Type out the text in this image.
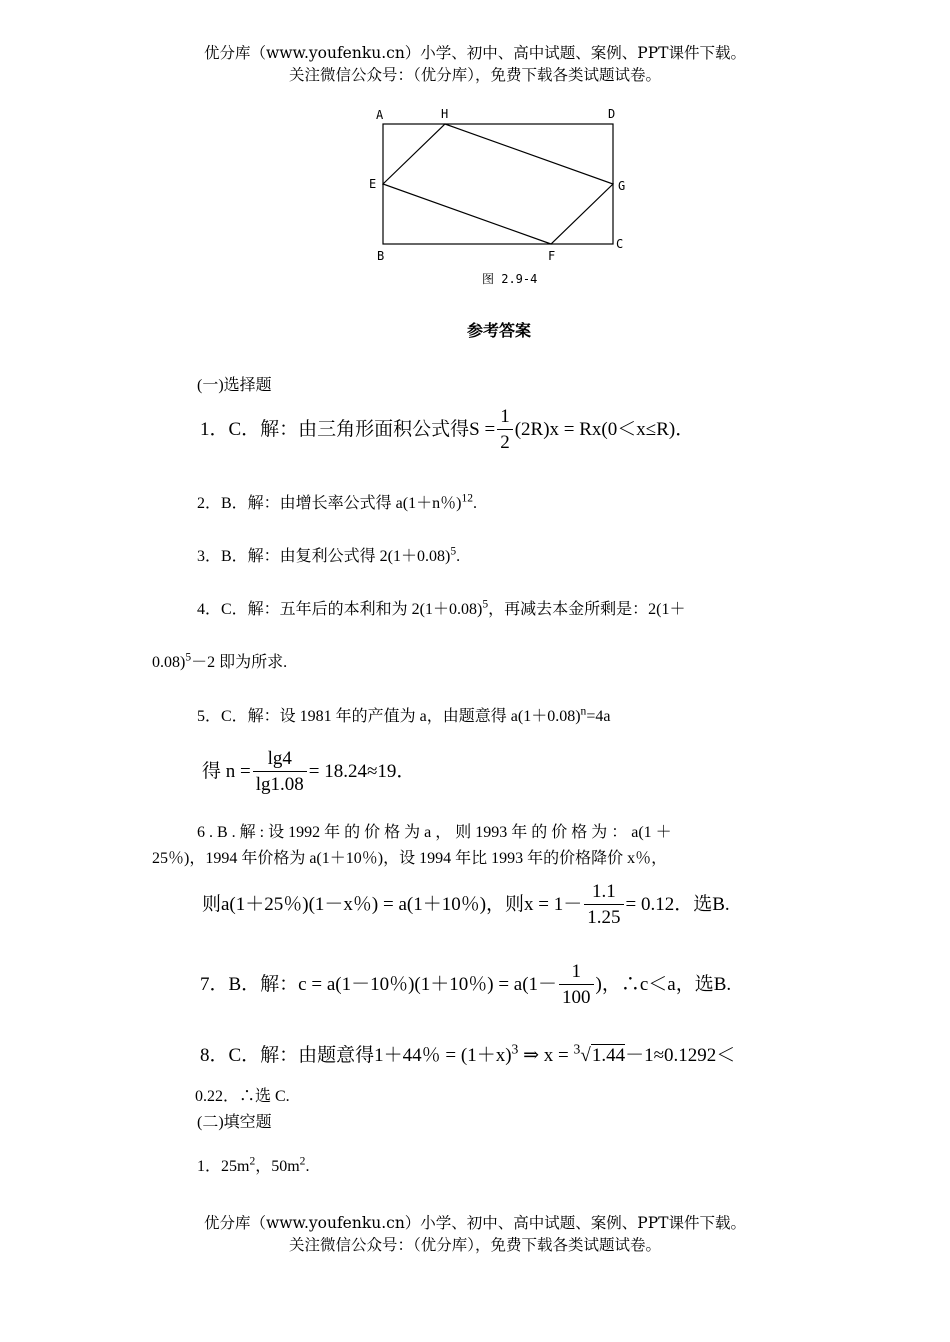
优分库（www.youfenku.cn）小学、初中、高中试题、案例、PPT课件下载。
关注微信公众号：（优分库），免费下载各类试题试卷。
A	H	D
E	G
B	F
C
图 2.9-4
参考答案
(一)选择题
1．C．解：由三角形面积公式得$S = \frac{1}{2} (2R)x = Rx(0<x\le R)$．
2．B．解：由增长率公式得 a(1＋n％)$^{12}$.
3．B．解：由复利公式得 $2(1+0.08)^5$.
4．C．解：五年后的本利和为 $2(1+0.08)^5$，再减去本金所剩是：2(1＋
0.08)$^5$－2 即为所求.
5．C．解：设 1981 年的产值为 a，由题意得 $a(1+0.08)^n=4a$
得 $n = \frac{\lg 4}{\lg 1.08} = 18.24\approx 19$．
6 . B . 解 : 设 1992 年 的 价 格 为 a ， 则 1993 年 的 价 格 为 ： a(1 ＋
25％)，1994 年价格为 a(1＋10％)，设 1994 年比 1993 年的价格降价 x％，
则a(1＋25％)(1－x％) = a(1＋10％)，则$x = 1- \frac{1.1}{1.25} = 0.12$．选B.
7．B．解：c = a(1－10％)(1＋10％) = $a(1- \frac{1}{100}$ )，∴c＜a，选B.
8．C．解：由题意得1＋44％ = $(1+x)^3$ ⇒ x = $^3$√1.44－1≈0.1292＜
0.22．∴选 C.
(二)填空题
1．$25m^2$，$50m^2$.
优分库（www.youfenku.cn）小学、初中、高中试题、案例、PPT课件下载。
关注微信公众号：（优分库），免费下载各类试题试卷。
